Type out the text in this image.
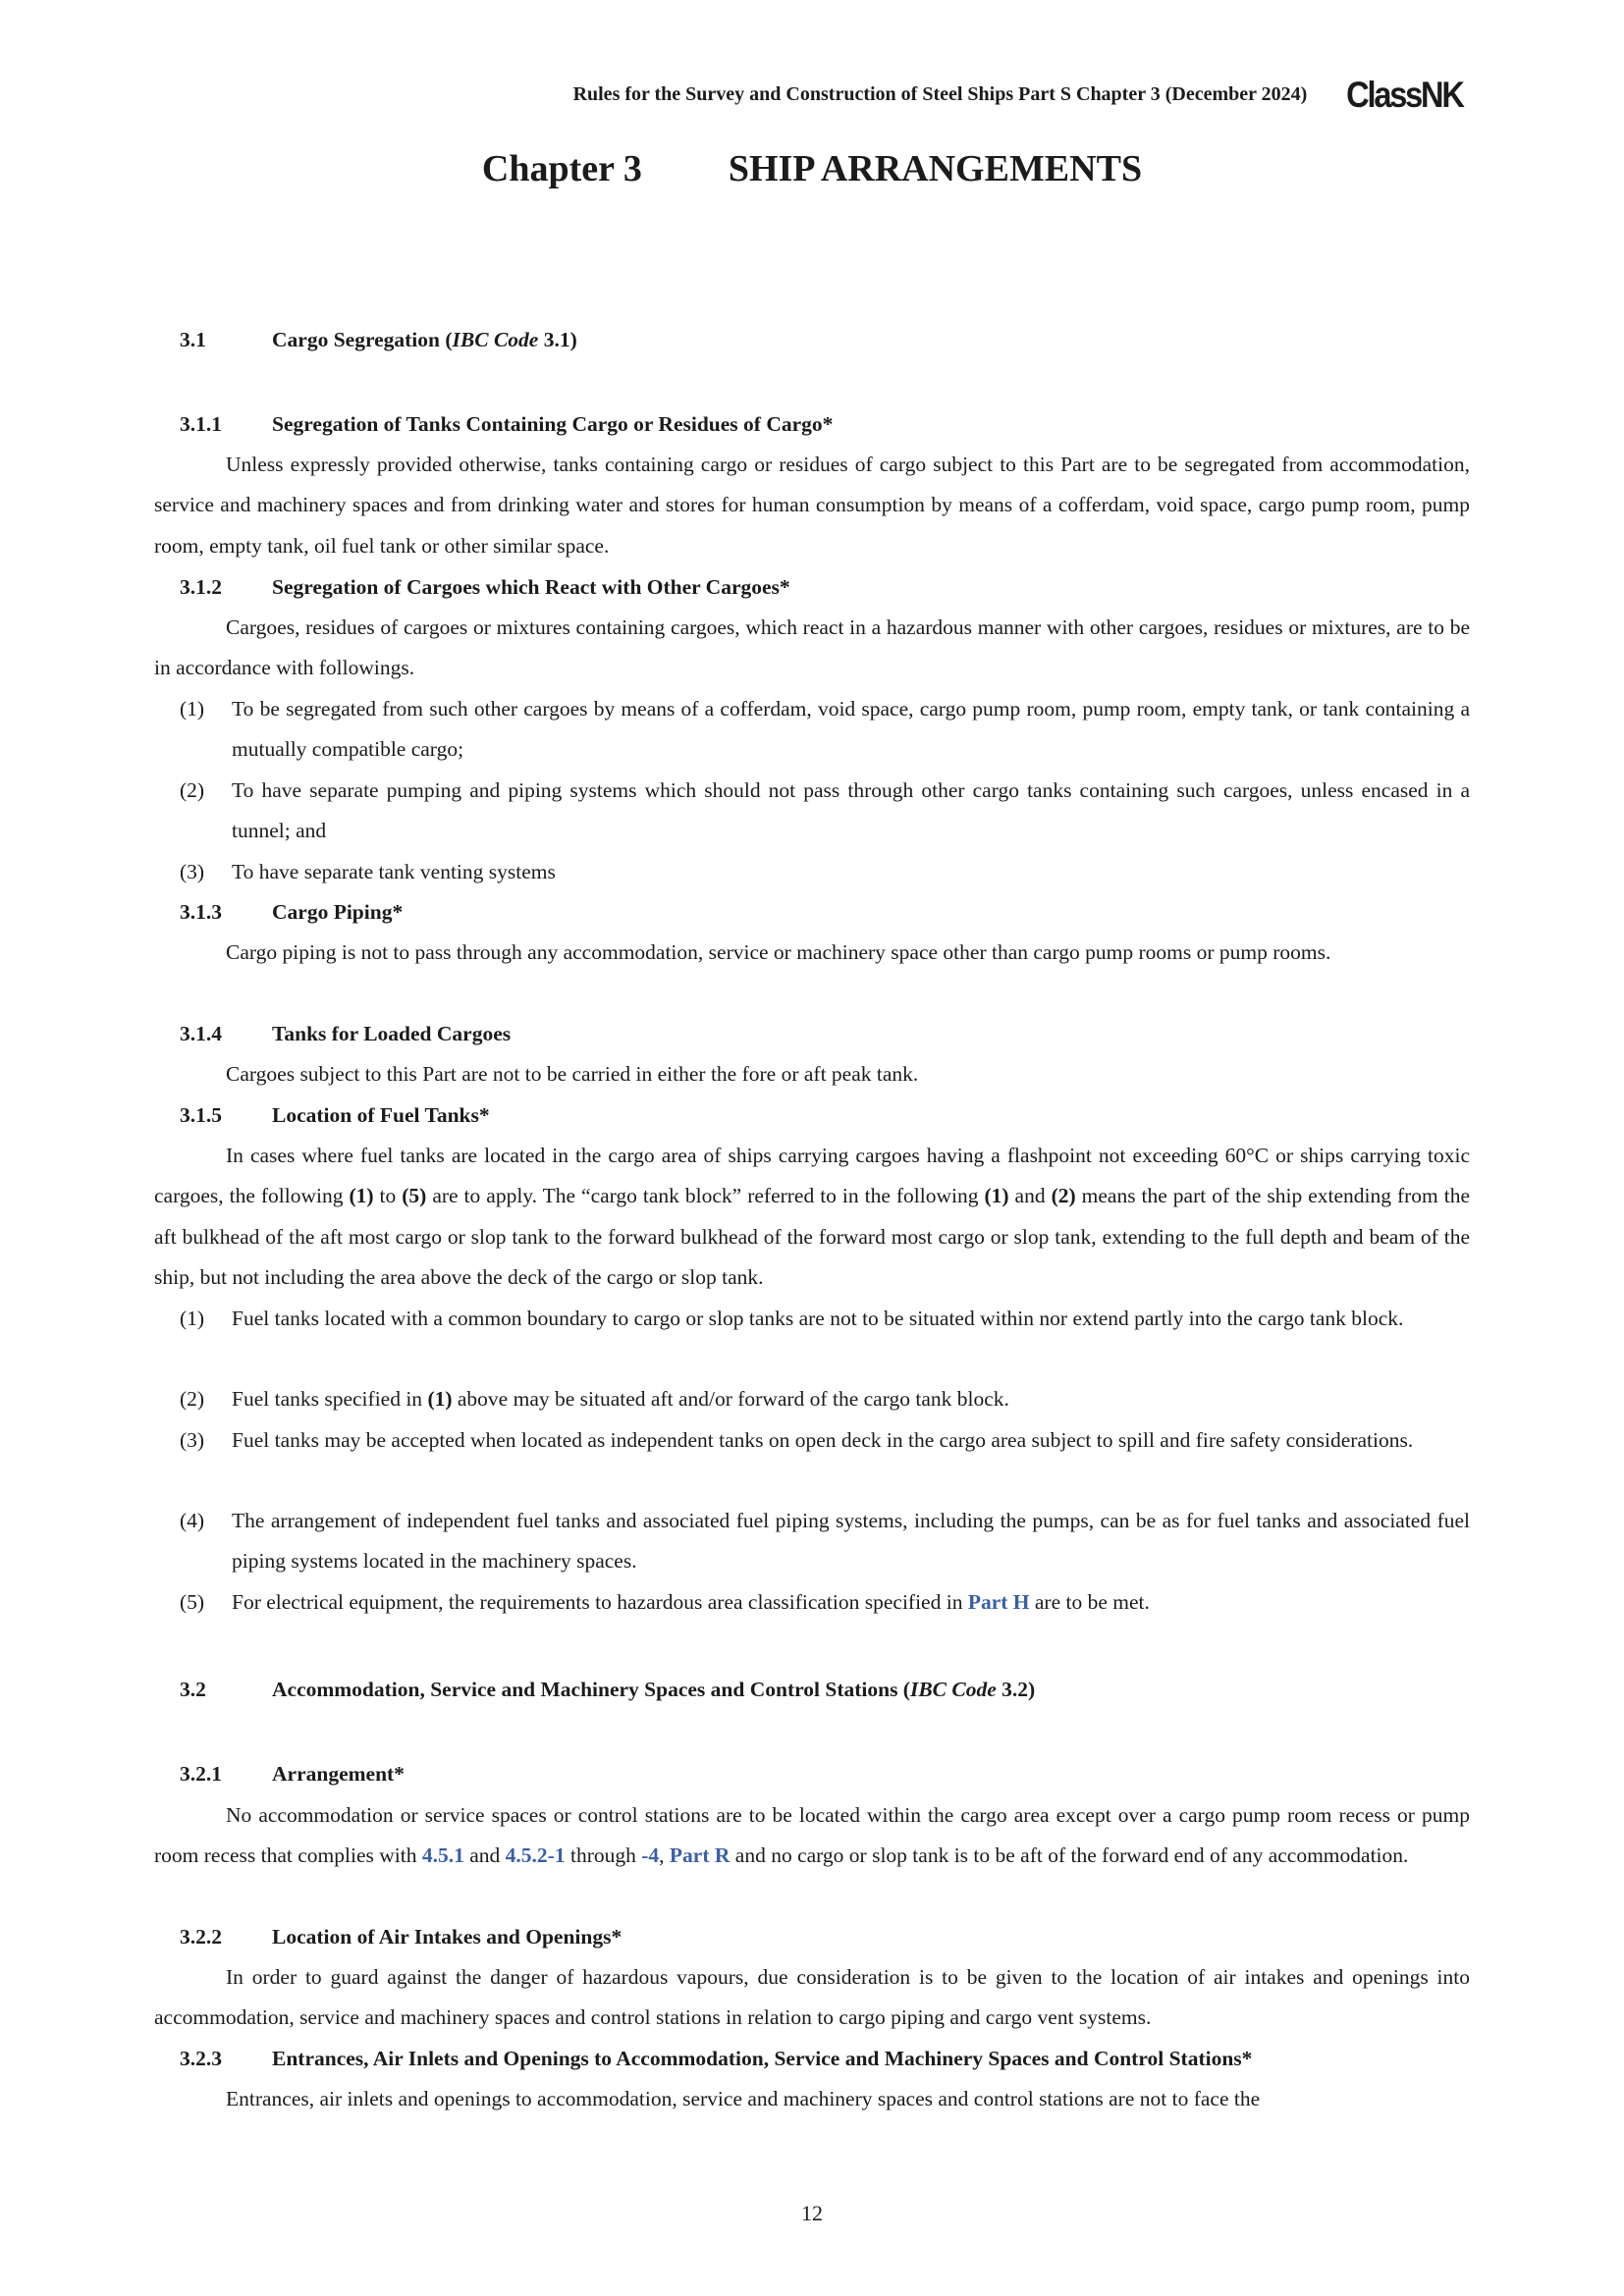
Rules for the Survey and Construction of Steel Ships Part S Chapter 3 (December 2024) ClassNK
Chapter 3 SHIP ARRANGEMENTS
3.1	Cargo Segregation (IBC Code 3.1)
3.1.1 Segregation of Tanks Containing Cargo or Residues of Cargo*
Unless expressly provided otherwise, tanks containing cargo or residues of cargo subject to this Part are to be segregated from accommodation, service and machinery spaces and from drinking water and stores for human consumption by means of a cofferdam, void space, cargo pump room, pump room, empty tank, oil fuel tank or other similar space.
3.1.2 Segregation of Cargoes which React with Other Cargoes*
Cargoes, residues of cargoes or mixtures containing cargoes, which react in a hazardous manner with other cargoes, residues or mixtures, are to be in accordance with followings.
(1) To be segregated from such other cargoes by means of a cofferdam, void space, cargo pump room, pump room, empty tank, or tank containing a mutually compatible cargo;
(2) To have separate pumping and piping systems which should not pass through other cargo tanks containing such cargoes, unless encased in a tunnel; and
(3) To have separate tank venting systems
3.1.3 Cargo Piping*
Cargo piping is not to pass through any accommodation, service or machinery space other than cargo pump rooms or pump rooms.
3.1.4 Tanks for Loaded Cargoes
Cargoes subject to this Part are not to be carried in either the fore or aft peak tank.
3.1.5 Location of Fuel Tanks*
In cases where fuel tanks are located in the cargo area of ships carrying cargoes having a flashpoint not exceeding 60°C or ships carrying toxic cargoes, the following (1) to (5) are to apply. The “cargo tank block” referred to in the following (1) and (2) means the part of the ship extending from the aft bulkhead of the aft most cargo or slop tank to the forward bulkhead of the forward most cargo or slop tank, extending to the full depth and beam of the ship, but not including the area above the deck of the cargo or slop tank.
(1) Fuel tanks located with a common boundary to cargo or slop tanks are not to be situated within nor extend partly into the cargo tank block.
(2) Fuel tanks specified in (1) above may be situated aft and/or forward of the cargo tank block.
(3) Fuel tanks may be accepted when located as independent tanks on open deck in the cargo area subject to spill and fire safety considerations.
(4) The arrangement of independent fuel tanks and associated fuel piping systems, including the pumps, can be as for fuel tanks and associated fuel piping systems located in the machinery spaces.
(5) For electrical equipment, the requirements to hazardous area classification specified in Part H are to be met.
3.2	Accommodation, Service and Machinery Spaces and Control Stations (IBC Code 3.2)
3.2.1 Arrangement*
No accommodation or service spaces or control stations are to be located within the cargo area except over a cargo pump room recess or pump room recess that complies with 4.5.1 and 4.5.2-1 through -4, Part R and no cargo or slop tank is to be aft of the forward end of any accommodation.
3.2.2 Location of Air Intakes and Openings*
In order to guard against the danger of hazardous vapours, due consideration is to be given to the location of air intakes and openings into accommodation, service and machinery spaces and control stations in relation to cargo piping and cargo vent systems.
3.2.3 Entrances, Air Inlets and Openings to Accommodation, Service and Machinery Spaces and Control Stations*
Entrances, air inlets and openings to accommodation, service and machinery spaces and control stations are not to face the
12
